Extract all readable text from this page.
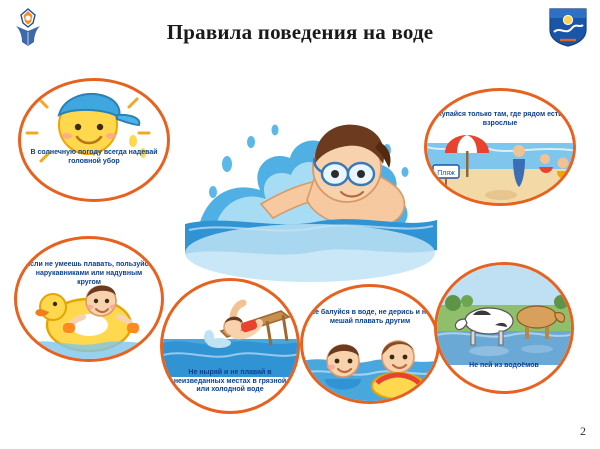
Правила поведения на воде
В солнечную погоду всегда надевай головной убор
Пляж
Купайся только там, где рядом есть взрослые
Если не умеешь плавать, пользуйся нарукавниками или надувным кругом
Не ныряй и не плавай в неизведанных местах в грязной или холодной воде
Не балуйся в воде, не дерись и не мешай плавать другим
Не пей из водоёмов
2
